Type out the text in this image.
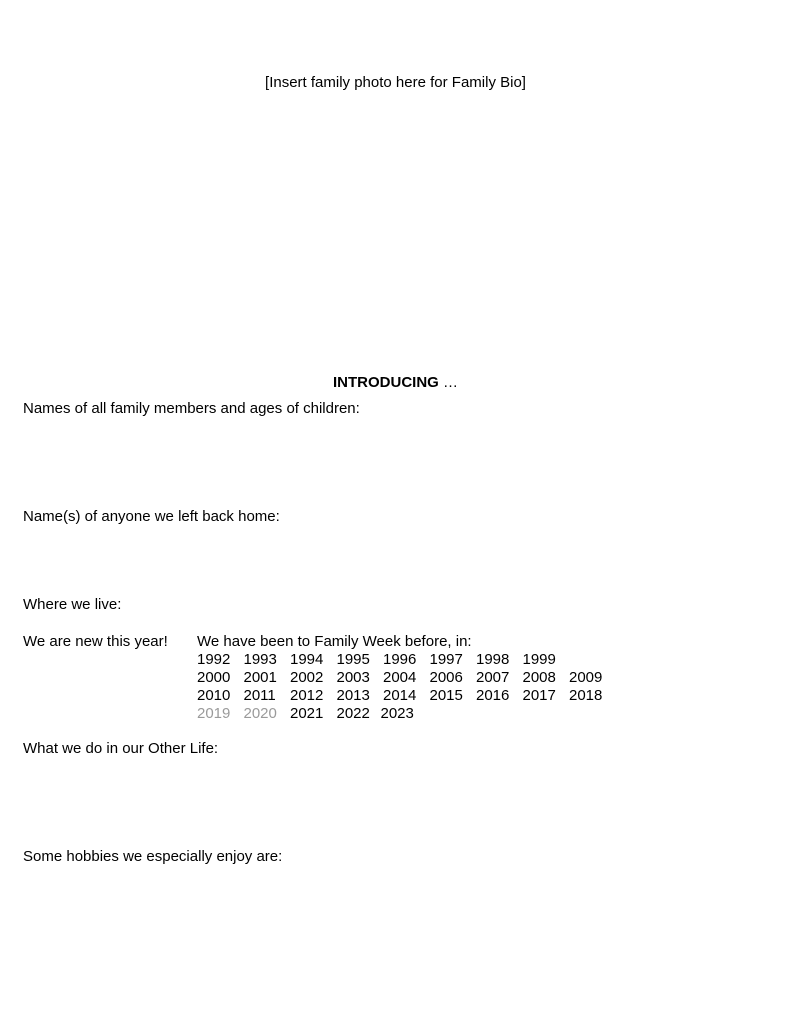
[Insert family photo here for Family Bio]
INTRODUCING …
Names of all family members and ages of children:
Name(s) of anyone we left back home:
Where we live:
We are new this year! We have been to Family Week before, in:
1992 1993 1994 1995 1996 1997 1998 1999
2000 2001 2002 2003 2004 2006 2007 2008 2009
2010 2011 2012 2013 2014 2015 2016 2017 2018
2019 2020 2021 2022 2023
What we do in our Other Life:
Some hobbies we especially enjoy are:
